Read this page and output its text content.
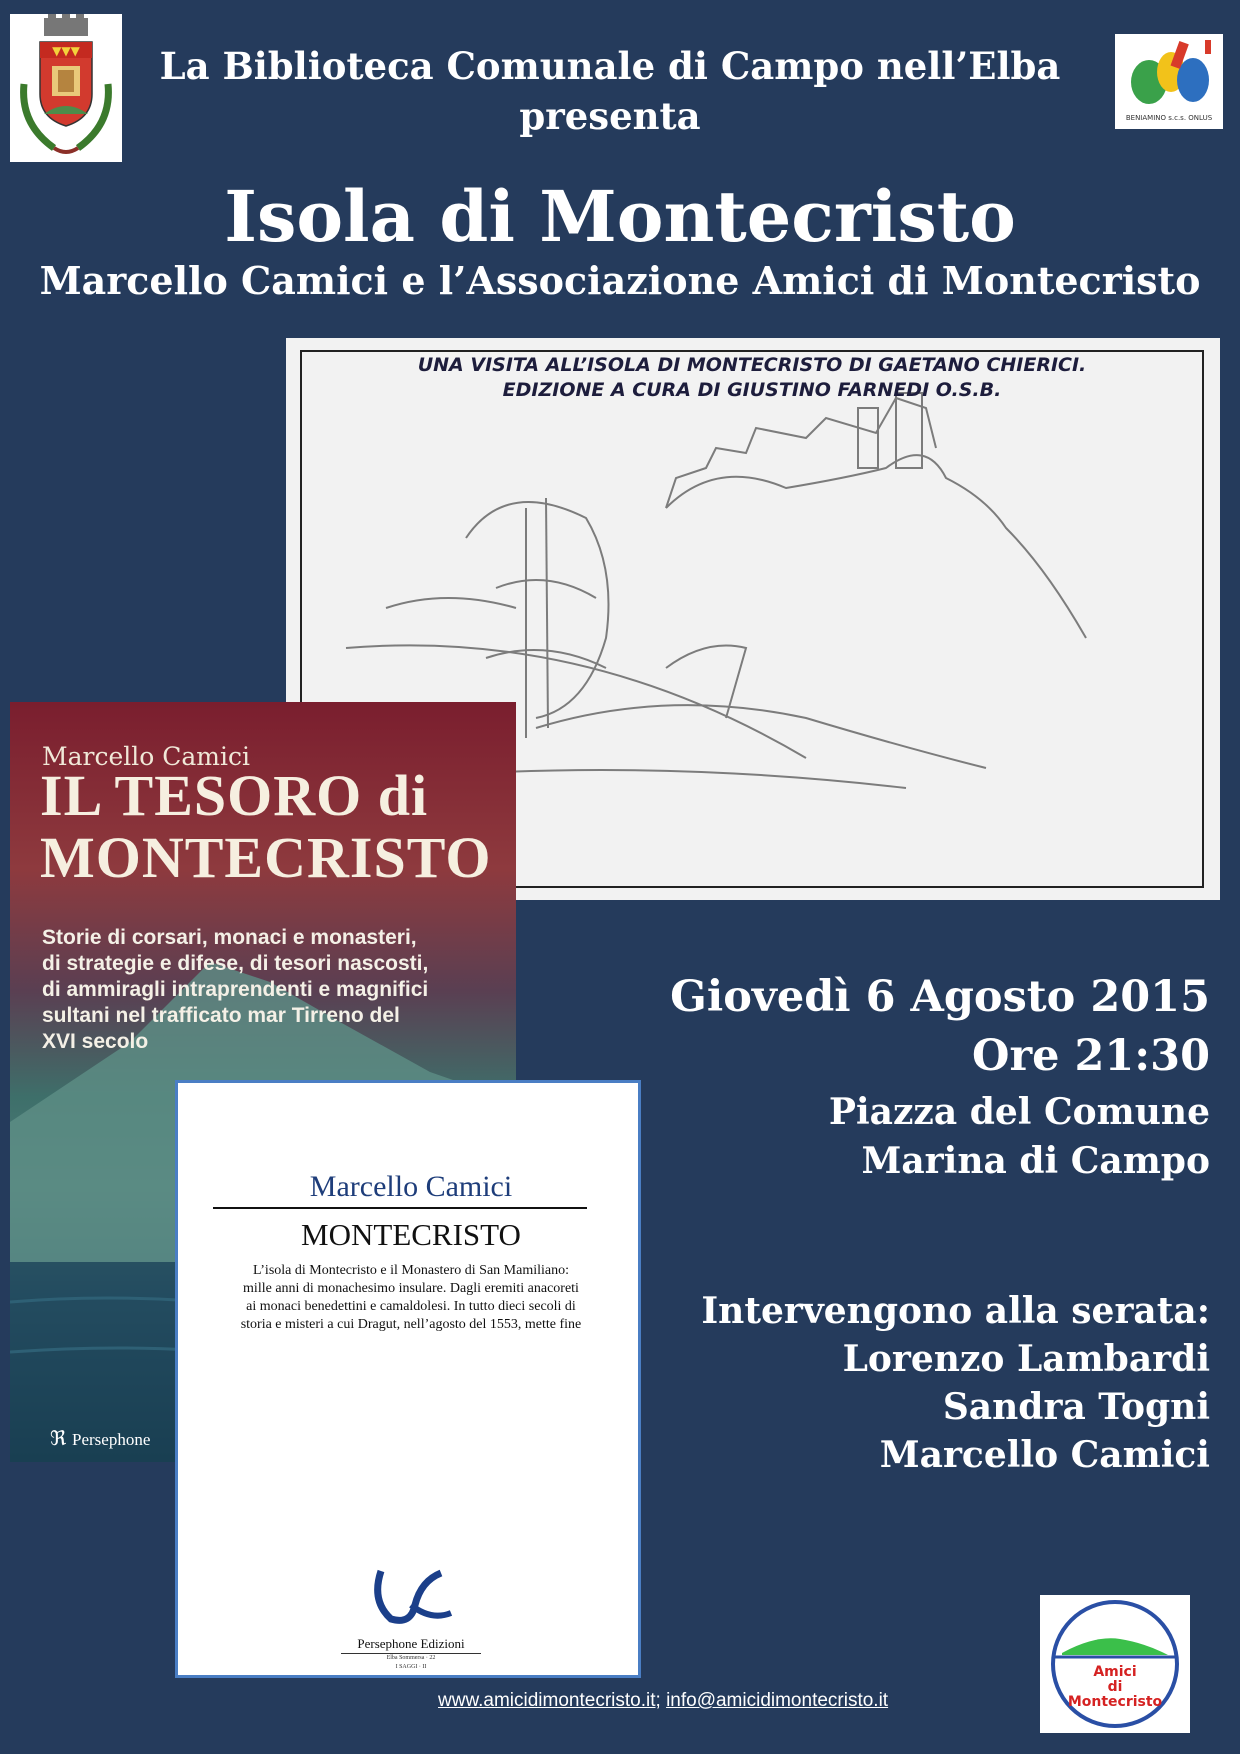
▼▼▼
BENIAMINO s.c.s. ONLUS
La Biblioteca Comunale di Campo nell’Elba
presenta
Isola di Montecristo
Marcello Camici e l’Associazione Amici di Montecristo
UNA VISITA ALL’ISOLA DI MONTECRISTO DI GAETANO CHIERICI.
EDIZIONE A CURA DI GIUSTINO FARNEDI O.S.B.
Marcello Camici
IL TESORO di
MONTECRISTO
Storie di corsari, monaci e monasteri,
di strategie e difese, di tesori nascosti,
di ammiragli intraprendenti e magnifici
sultani nel trafficato mar Tirreno del
XVI secolo
ℜ Persephone
Marcello Camici
MONTECRISTO
L’isola di Montecristo e il Monastero di San Mamiliano:
mille anni di monachesimo insulare. Dagli eremiti anacoreti
ai monaci benedettini e camaldolesi. In tutto dieci secoli di
storia e misteri a cui Dragut, nell’agosto del 1553, mette fine
Persephone Edizioni
Elba Sommersa · 22
I SAGGI · II
Giovedì 6 Agosto 2015
Ore 21:30
Piazza del Comune
Marina di Campo
Intervengono alla serata:
Lorenzo Lambardi
Sandra Togni
Marcello Camici
www.amicidimontecristo.it; info@amicidimontecristo.it
Amici
di
Montecristo
